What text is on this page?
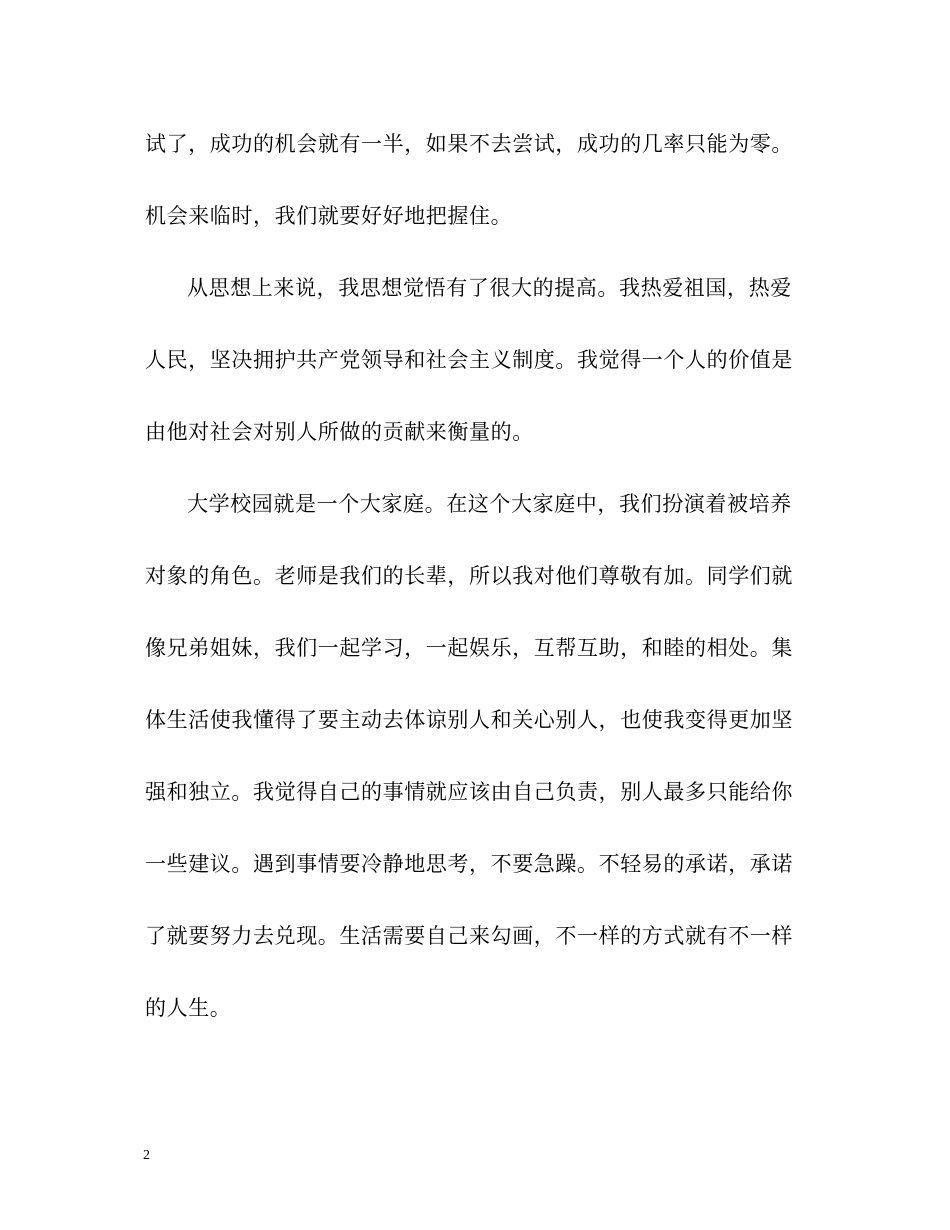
试了，成功的机会就有一半，如果不去尝试，成功的几率只能为零。
机会来临时，我们就要好好地把握住。
从思想上来说，我思想觉悟有了很大的提高。我热爱祖国，热爱
人民，坚决拥护共产党领导和社会主义制度。我觉得一个人的价值是
由他对社会对别人所做的贡献来衡量的。
大学校园就是一个大家庭。在这个大家庭中，我们扮演着被培养
对象的角色。老师是我们的长辈，所以我对他们尊敬有加。同学们就
像兄弟姐妹，我们一起学习，一起娱乐，互帮互助，和睦的相处。集
体生活使我懂得了要主动去体谅别人和关心别人，也使我变得更加坚
强和独立。我觉得自己的事情就应该由自己负责，别人最多只能给你
一些建议。遇到事情要冷静地思考，不要急躁。不轻易的承诺，承诺
了就要努力去兑现。生活需要自己来勾画，不一样的方式就有不一样
的人生。
2
